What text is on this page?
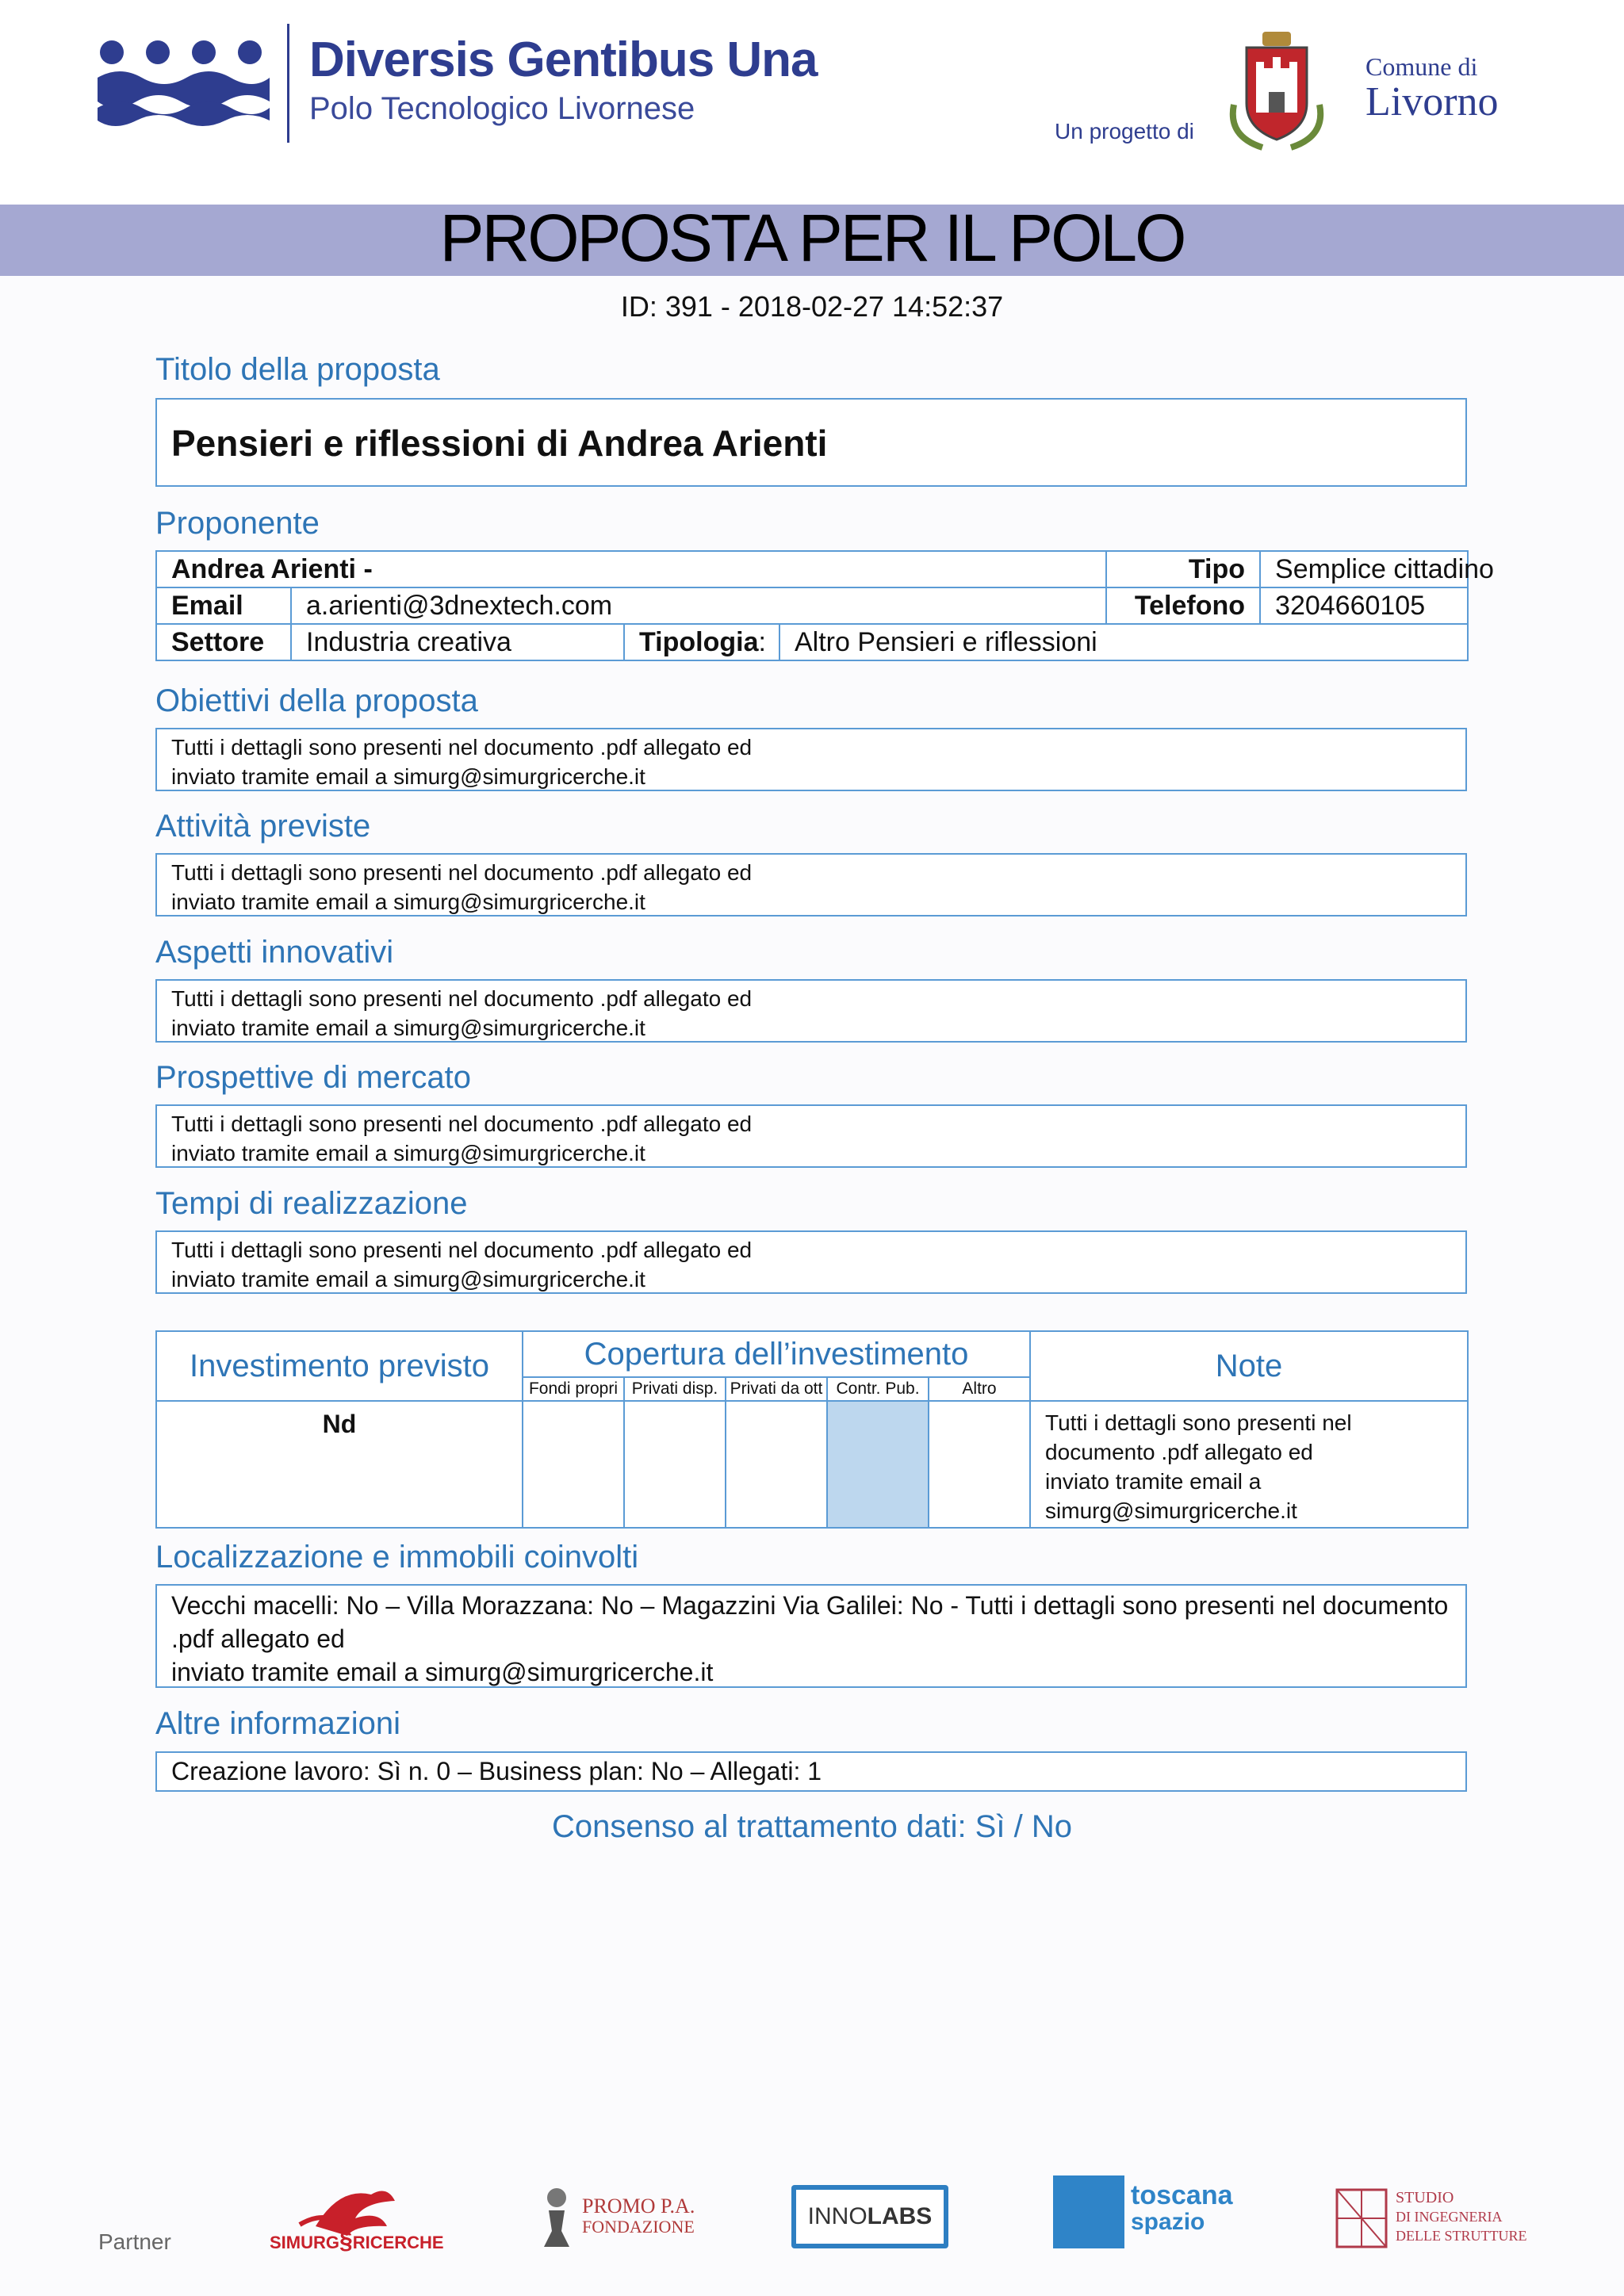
Diversis Gentibus Una
Polo Tecnologico Livornese
Un progetto di
Comune di
Livorno
PROPOSTA PER IL POLO
ID: 391 - 2018-02-27 14:52:37
Titolo della proposta
Pensieri e riflessioni di Andrea Arienti
Proponente
Andrea Arienti -				Tipo	Semplice cittadino
Email	a.arienti@3dnextech.com			Telefono	3204660105
Settore	Industria creativa	Tipologia:	Altro Pensieri e riflessioni		
Obiettivi della proposta
Tutti i dettagli sono presenti nel documento .pdf allegato ed
inviato tramite email a simurg@simurgricerche.it
Attività previste
Tutti i dettagli sono presenti nel documento .pdf allegato ed
inviato tramite email a simurg@simurgricerche.it
Aspetti innovativi
Tutti i dettagli sono presenti nel documento .pdf allegato ed
inviato tramite email a simurg@simurgricerche.it
Prospettive di mercato
Tutti i dettagli sono presenti nel documento .pdf allegato ed
inviato tramite email a simurg@simurgricerche.it
Tempi di realizzazione
Tutti i dettagli sono presenti nel documento .pdf allegato ed
inviato tramite email a simurg@simurgricerche.it
Investimento previsto	Copertura dell’investimento					Note
	Fondi propri	Privati disp.	Privati da ott	Contr. Pub.	Altro	
Nd						Tutti i dettagli sono presenti nel
documento .pdf allegato ed
inviato tramite email a
simurg@simurgricerche.it
Localizzazione e immobili coinvolti
Vecchi macelli: No – Villa Morazzana: No – Magazzini Via Galilei: No - Tutti i dettagli sono presenti nel documento
.pdf allegato ed
inviato tramite email a simurg@simurgricerche.it
Altre informazioni
Creazione lavoro: Sì n. 0 – Business plan: No – Allegati: 1
Consenso al trattamento dati: Sì / No
Partner	SIMURG§RICERCHE
PROMO P.A.
FONDAZIONE	INNOLABS
toscana
spazio
STUDIO
DI INGEGNERIA
DELLE STRUTTURE
